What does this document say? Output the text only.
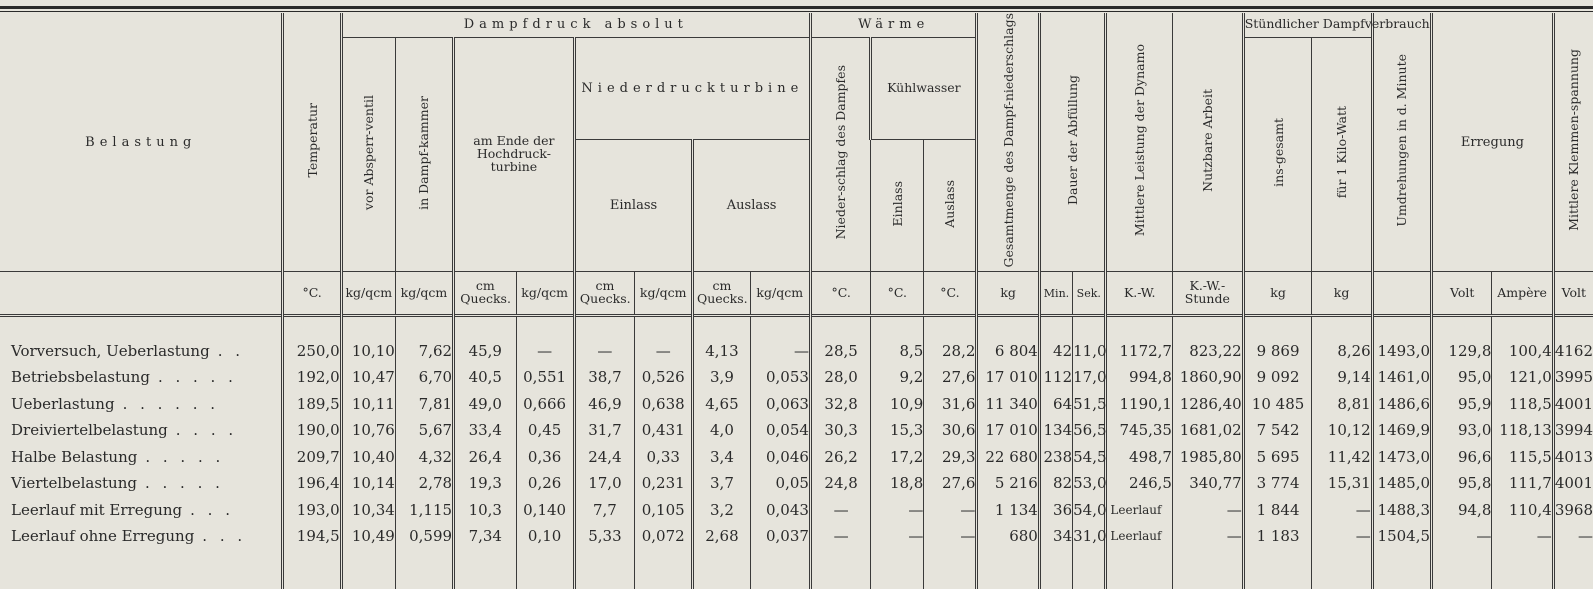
Belastung	Temperatur	Dampfdruck absolut								Wärme			Gesamtmenge des Dampf-niederschlags	Dauer der Abfüllung		Mittlere Leistung der Dynamo	Nutzbare Arbeit	Stündlicher Dampfverbrauch		Umdrehungen in d. Minute	Erregung		Mittlere Klemmen-spannung
		vor Absperr-ventil	in Dampf-kammer	am Ende der Hochdruck-turbine		Niederdruckturbine				Nieder-schlag des Dampfes	Kühlwasser							ins-gesamt	für 1 Kilo-Watt				
						Einlass		Auslass			Einlass	Auslass											
	°C.	kg/qcm	kg/qcm	cm Quecks.	kg/qcm	cm Quecks.	kg/qcm	cm Quecks.	kg/qcm	°C.	°C.	°C.	kg	Min.	Sek.	K.-W.	K.-W.-Stunde	kg	kg		Volt	Ampère	Volt

Vorversuch, Ueberlastung . .	250,0	10,10	7,62	45,9	—	—	—	4,13	—	28,5	8,5	28,2	6 804	42	11,0	1172,7	823,22	9 869	8,26	1493,0	129,8	100,4	4162
Betriebsbelastung . . . . .	192,0	10,47	6,70	40,5	0,551	38,7	0,526	3,9	0,053	28,0	9,2	27,6	17 010	112	17,0	994,8	1860,90	9 092	9,14	1461,0	95,0	121,0	3995
Ueberlastung . . . . . .	189,5	10,11	7,81	49,0	0,666	46,9	0,638	4,65	0,063	32,8	10,9	31,6	11 340	64	51,5	1190,1	1286,40	10 485	8,81	1486,6	95,9	118,5	4001
Dreiviertelbelastung . . . .	190,0	10,76	5,67	33,4	0,45	31,7	0,431	4,0	0,054	30,3	15,3	30,6	17 010	134	56,5	745,35	1681,02	7 542	10,12	1469,9	93,0	118,13	3994
Halbe Belastung . . . . .	209,7	10,40	4,32	26,4	0,36	24,4	0,33	3,4	0,046	26,2	17,2	29,3	22 680	238	54,5	498,7	1985,80	5 695	11,42	1473,0	96,6	115,5	4013
Viertelbelastung . . . . .	196,4	10,14	2,78	19,3	0,26	17,0	0,231	3,7	0,05	24,8	18,8	27,6	5 216	82	53,0	246,5	340,77	3 774	15,31	1485,0	95,8	111,7	4001
Leerlauf mit Erregung . . .	193,0	10,34	1,115	10,3	0,140	7,7	0,105	3,2	0,043	—	—	—	1 134	36	54,0	Leerlauf	—	1 844	—	1488,3	94,8	110,4	3968
Leerlauf ohne Erregung . . .	194,5	10,49	0,599	7,34	0,10	5,33	0,072	2,68	0,037	—	—	—	680	34	31,0	Leerlauf	—	1 183	—	1504,5	—	—	—
